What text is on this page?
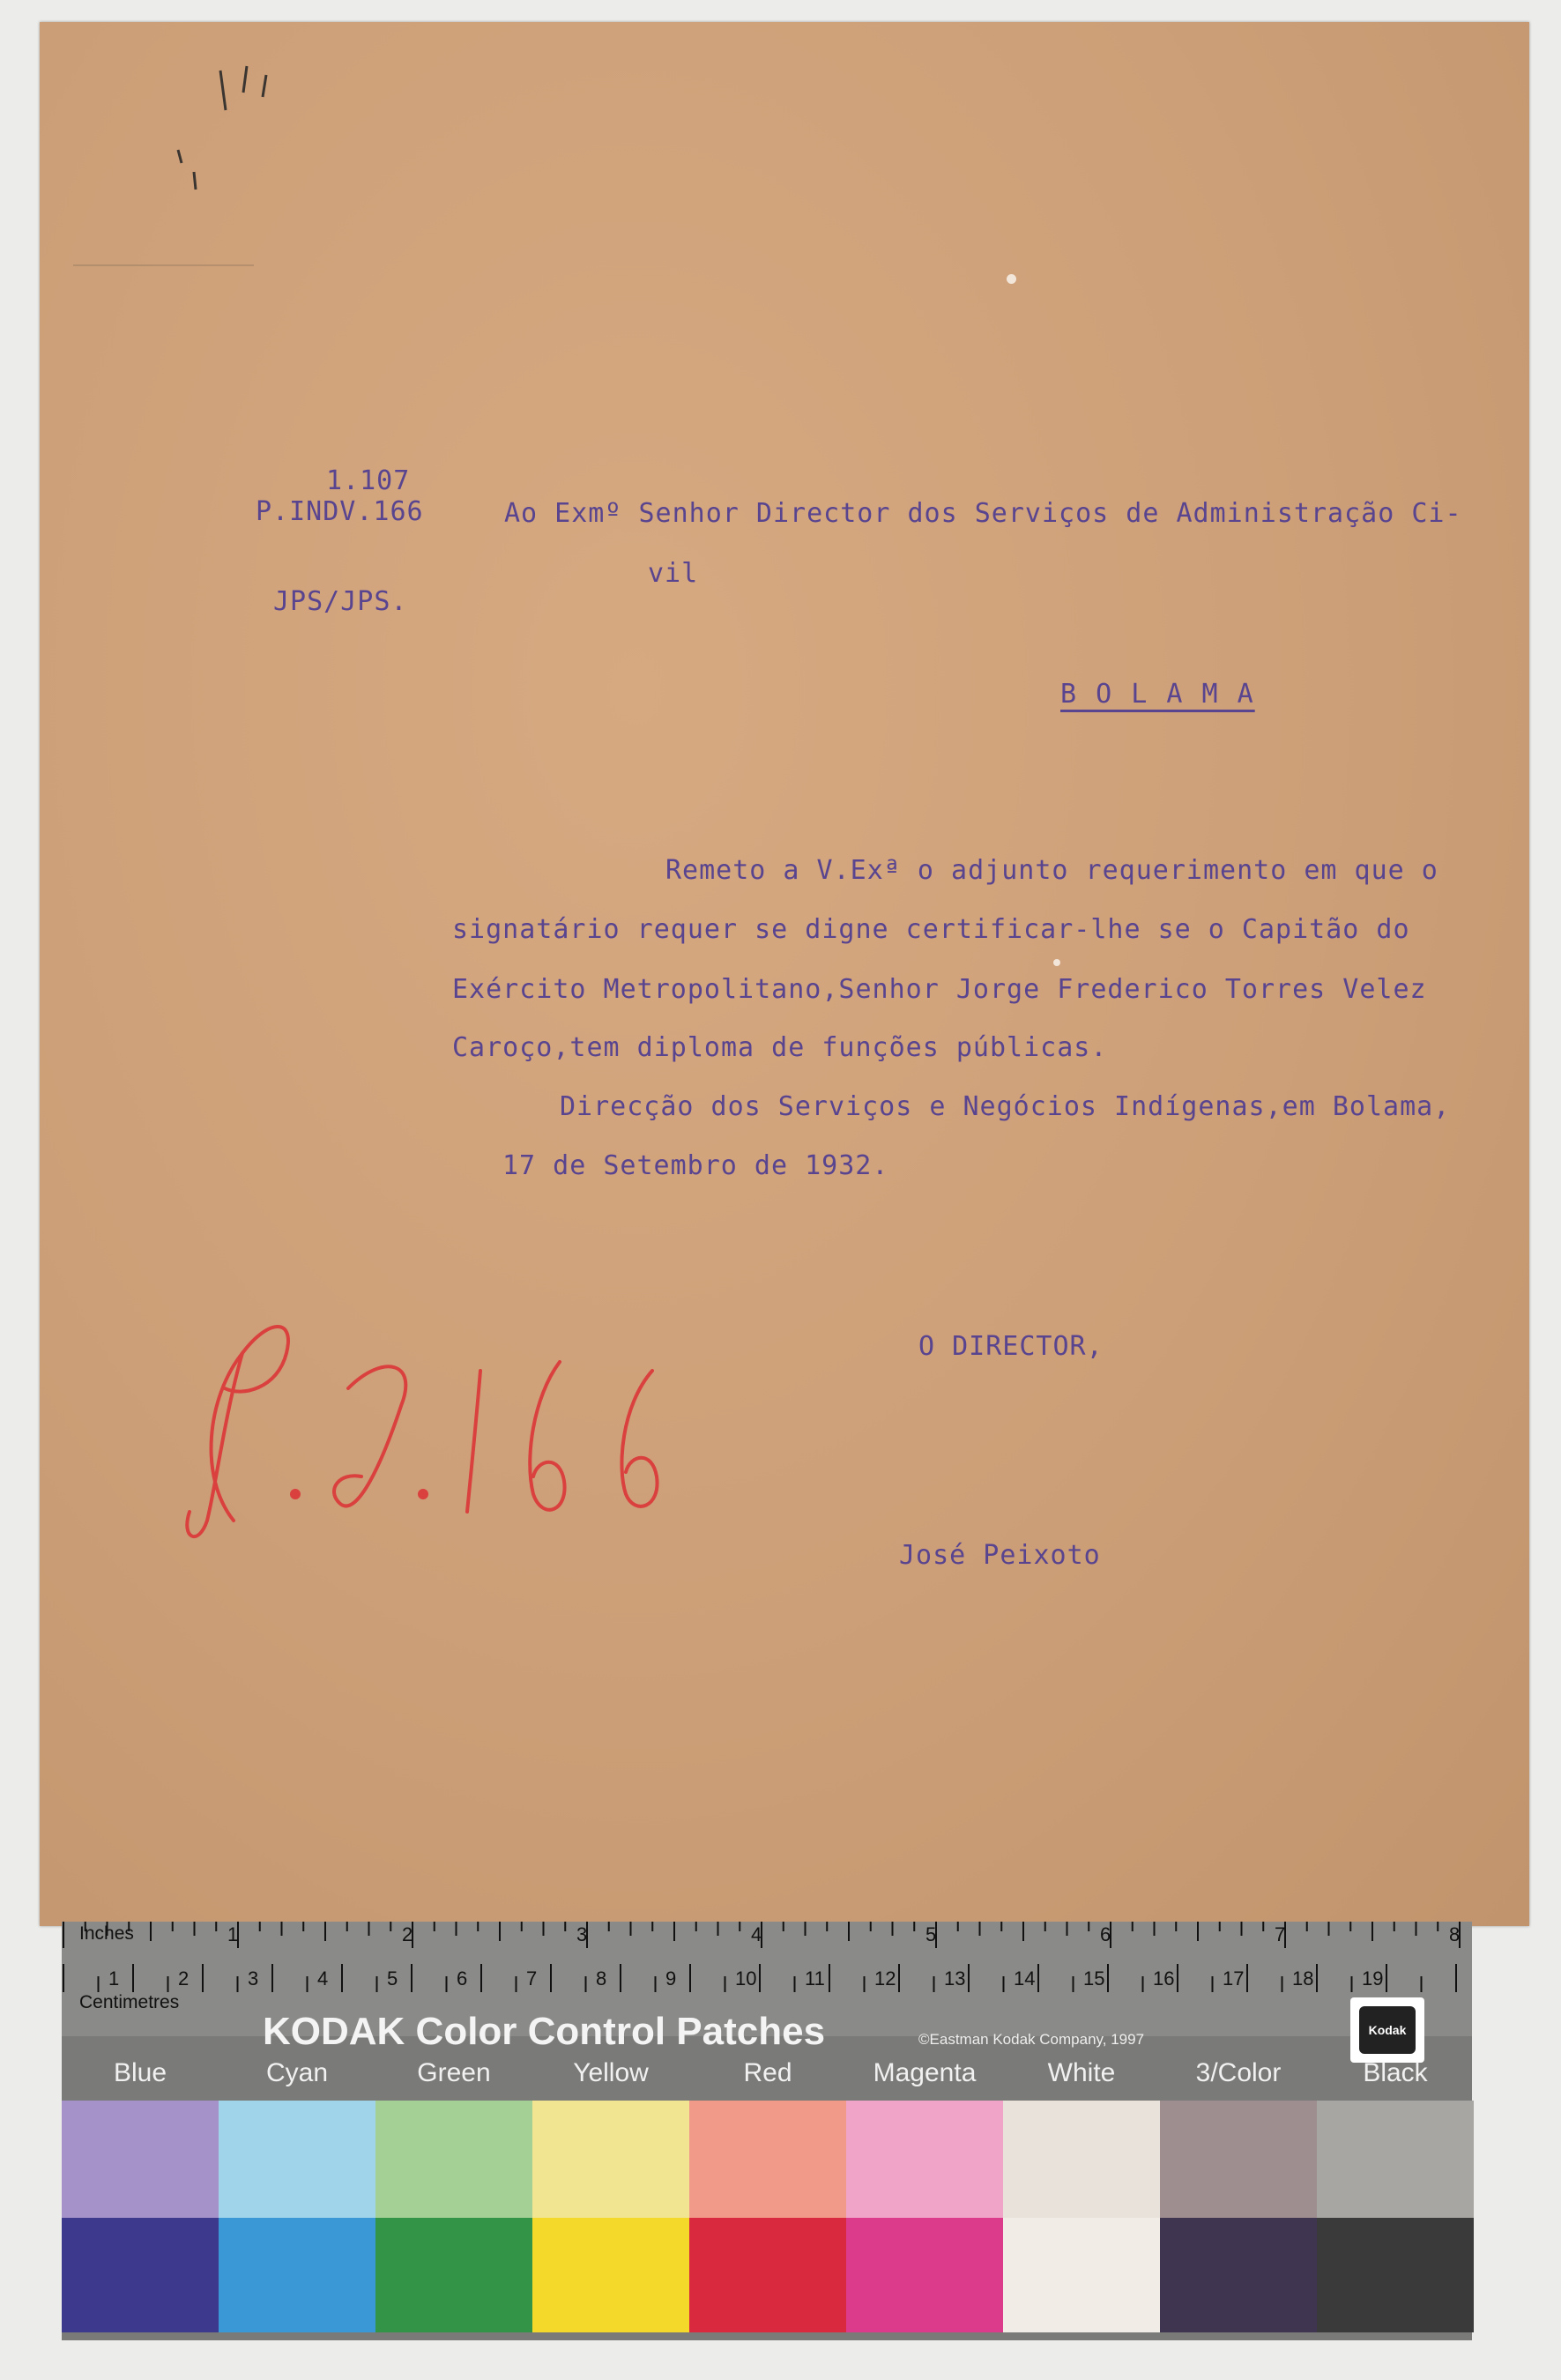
1.107
P.INDV.166
JPS/JPS.
Ao Exmº Senhor Director dos Serviços de Administração Ci-
vil
B O L A M A
Remeto a V.Exª o adjunto requerimento em que o
signatário requer se digne certificar-lhe se o Capitão do
Exército Metropolitano,Senhor Jorge Frederico Torres Velez
Caroço,tem diploma de funções públicas.
Direcção dos Serviços e Negócios Indígenas,em Bolama,
17 de Setembro de 1932.
O DIRECTOR,
José Peixoto
Inches
Centimetres
1	2	3	4	5	6	7	8
1	2	3	4	5	6	7	8	9	10 11	12 13 14 15 16 17 18 19
KODAK Color Control Patches	©Eastman Kodak Company, 1997
Kodak
Blue	Cyan	Green	Yellow	Red	Magenta	White	3/Color	Black
